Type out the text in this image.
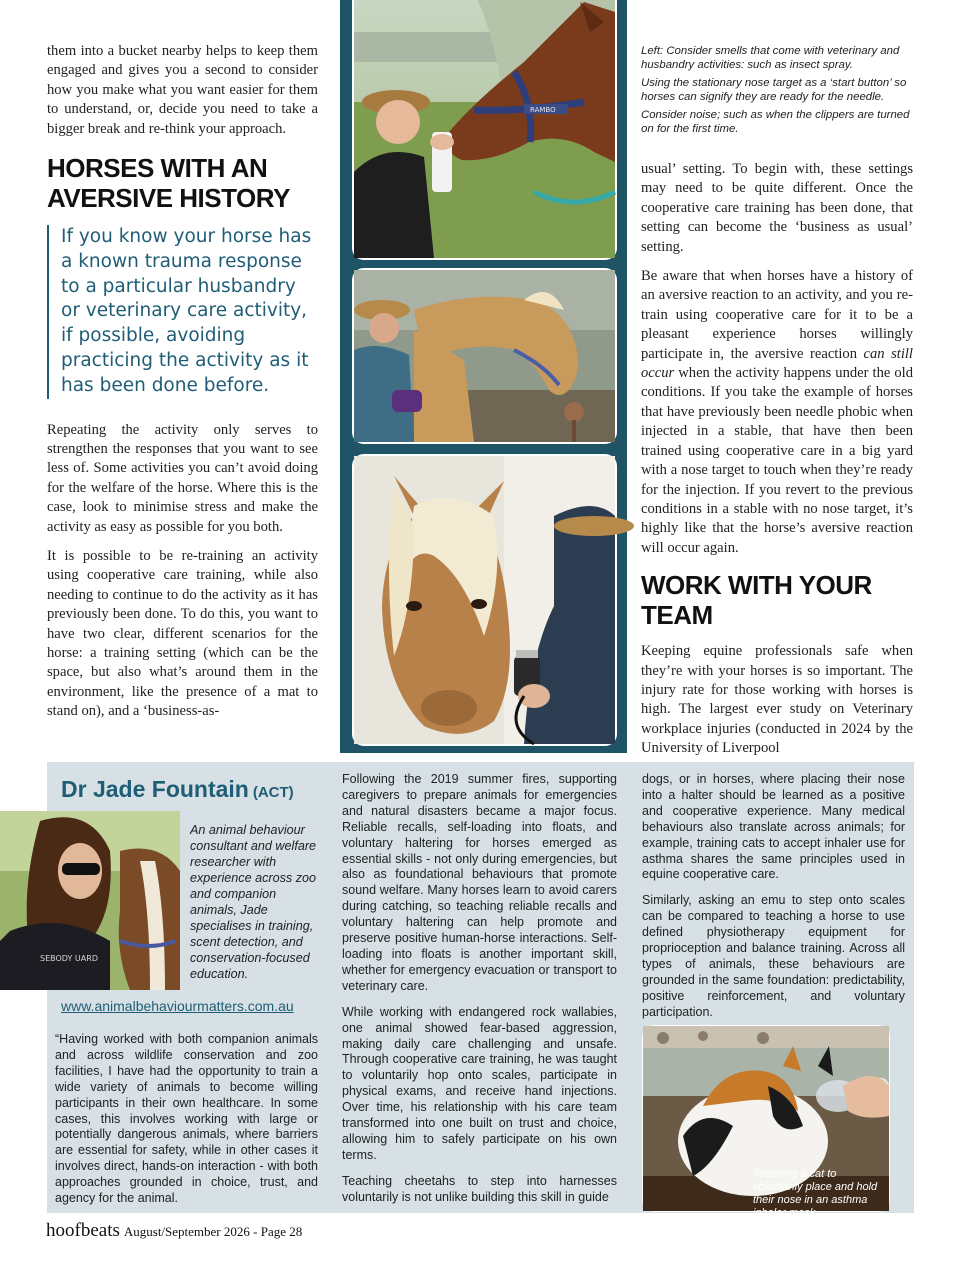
them into a bucket nearby helps to keep them engaged and gives you a second to consider how you make what you want easier for them to understand, or, decide you need to take a bigger break and re-think your approach.

HORSES WITH AN
AVERSIVE HISTORY
If you know your horse has a known trauma response to a particular husbandry or veterinary care activity, if possible, avoiding practicing the activity as it has been done before.

Repeating the activity only serves to strengthen the responses that you want to see less of. Some activities you can’t avoid doing for the welfare of the horse. Where this is the case, look to minimise stress and make the activity as easy as possible for you both.

It is possible to be re-training an activity using cooperative care training, while also needing to continue to do the activity as it has previously been done. To do this, you want to have two clear, different scenarios for the horse: a training setting (which can be the space, but also what’s around them in the environment, like the presence of a mat to stand on), and a ‘business-as-

RAMBO

Left: Consider smells that come with veterinary and husbandry activities: such as insect spray.

Using the stationary nose target as a ‘start button’ so horses can signify they are ready for the needle.

Consider noise; such as when the clippers are turned on for the first time.

usual’ setting. To begin with, these settings may need to be quite different. Once the cooperative care training has been done, that setting can become the ‘business as usual’ setting.

Be aware that when horses have a history of an aversive reaction to an activity, and you re-train using cooperative care for it to be a pleasant experience horses willingly participate in, the aversive reaction can still occur when the activity happens under the old conditions. If you take the example of horses that have previously been needle phobic when injected in a stable, that have then been trained using cooperative care in a big yard with a nose target to touch when they’re ready for the injection. If you revert to the previous conditions in a stable with no nose target, it’s highly like that the horse’s aversive reaction will occur again.

WORK WITH YOUR
TEAM

Keeping equine professionals safe when they’re with your horses is so important. The injury rate for those working with horses is high. The largest ever study on Veterinary workplace injuries (conducted in 2024 by the University of Liverpool

Dr Jade Fountain (ACT)
SEBODY UARD
An animal behaviour consultant and welfare researcher with experience across zoo and companion animals, Jade specialises in training, scent detection, and conservation-focused education.
www.animalbehaviourmatters.com.au

“Having worked with both companion animals and across wildlife conservation and zoo facilities, I have had the opportunity to train a wide variety of animals to become willing participants in their own healthcare. In some cases, this involves working with large or potentially dangerous animals, where barriers are essential for safety, while in other cases it involves direct, hands-on interaction - with both approaches grounded in choice, trust, and agency for the animal.

Following the 2019 summer fires, supporting caregivers to prepare animals for emergencies and natural disasters became a major focus. Reliable recalls, self-loading into floats, and voluntary haltering for horses emerged as essential skills - not only during emergencies, but also as foundational behaviours that promote sound welfare. Many horses learn to avoid carers during catching, so teaching reliable recalls and voluntary haltering can help promote and preserve positive human-horse interactions. Self-loading into floats is another important skill, whether for emergency evacuation or transport to veterinary care.

While working with endangered rock wallabies, one animal showed fear-based aggression, making daily care challenging and unsafe. Through cooperative care training, he was taught to voluntarily hop onto scales, participate in physical exams, and receive hand injections. Over time, his relationship with his care team transformed into one built on trust and choice, allowing him to safely participate on his own terms.

Teaching cheetahs to step into harnesses voluntarily is not unlike building this skill in guide

dogs, or in horses, where placing their nose into a halter should be learned as a positive and cooperative experience. Many medical behaviours also translate across animals; for example, training cats to accept inhaler use for asthma shares the same principles used in equine cooperative care.

Similarly, asking an emu to step onto scales can be compared to teaching a horse to use defined physiotherapy equipment for proprioception and balance training. Across all types of animals, these behaviours are grounded in the same foundation: predictability, positive reinforcement, and voluntary participation.

Teaching a cat to voluntarily place and hold their nose in an asthma inhaler mask.
hoofbeats August/September 2026 - Page 28
